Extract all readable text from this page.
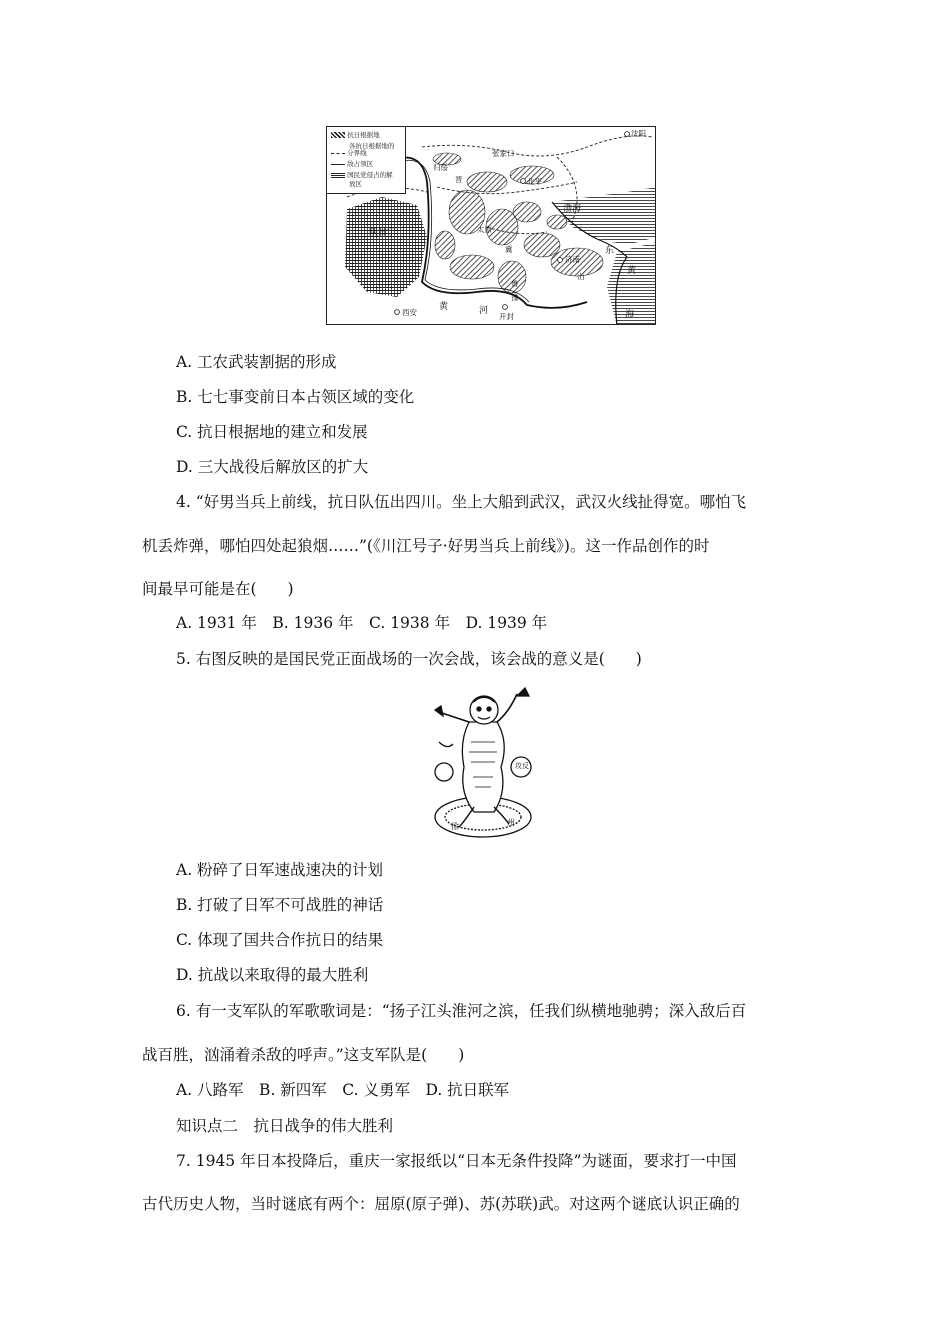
抗日根据地
各抗日根据地的
分界线
敌占领区
国民党侵占的解
放区
沈阳
张家口
归绥
北平
渤海
陕甘宁
晋
太原
冀
济南
东
山
鲁
豫
黄
海
黄	河
西安	开封
A. 工农武装割据的形成
B. 七七事变前日本占领区域的变化
C. 抗日根据地的建立和发展
D. 三大战役后解放区的扩大
4. “好男当兵上前线，抗日队伍出四川。坐上大船到武汉，武汉火线扯得宽。哪怕飞
机丢炸弹，哪怕四处起狼烟……”(《川江号子·好男当兵上前线》)。这一作品创作的时
间最早可能是在(　　)
A. 1931 年　B. 1936 年　C. 1938 年　D. 1939 年
5. 右图反映的是国民党正面战场的一次会战，该会战的意义是(　　)
攻反
徐	州
A. 粉碎了日军速战速决的计划
B. 打破了日军不可战胜的神话
C. 体现了国共合作抗日的结果
D. 抗战以来取得的最大胜利
6. 有一支军队的军歌歌词是：“扬子江头淮河之滨，任我们纵横地驰骋；深入敌后百
战百胜，汹涌着杀敌的呼声。”这支军队是(　　)
A. 八路军　B. 新四军　C. 义勇军　D. 抗日联军
知识点二　抗日战争的伟大胜利
7. 1945 年日本投降后，重庆一家报纸以“日本无条件投降”为谜面，要求打一中国
古代历史人物，当时谜底有两个：屈原(原子弹)、苏(苏联)武。对这两个谜底认识正确的
